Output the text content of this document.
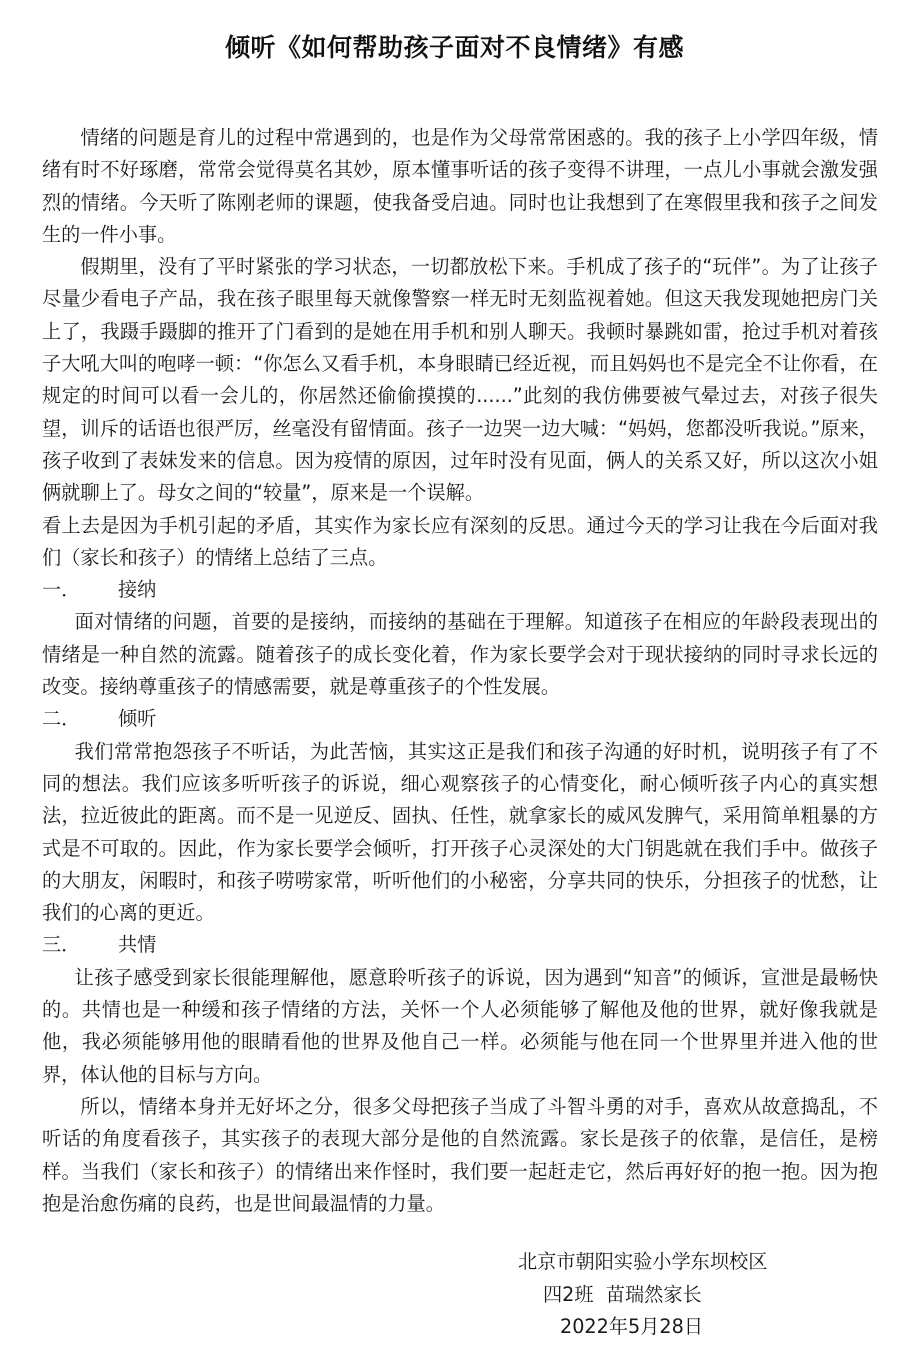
倾听《如何帮助孩子面对不良情绪》有感

情绪的问题是育儿的过程中常遇到的，也是作为父母常常困惑的。我的孩子上小学四年级，情绪有时不好琢磨，常常会觉得莫名其妙，原本懂事听话的孩子变得不讲理，一点儿小事就会激发强烈的情绪。今天听了陈刚老师的课题，使我备受启迪。同时也让我想到了在寒假里我和孩子之间发生的一件小事。

假期里，没有了平时紧张的学习状态，一切都放松下来。手机成了孩子的“玩伴”。为了让孩子尽量少看电子产品，我在孩子眼里每天就像警察一样无时无刻监视着她。但这天我发现她把房门关上了，我蹑手蹑脚的推开了门看到的是她在用手机和别人聊天。我顿时暴跳如雷，抢过手机对着孩子大吼大叫的咆哮一顿：“你怎么又看手机，本身眼睛已经近视，而且妈妈也不是完全不让你看，在规定的时间可以看一会儿的，你居然还偷偷摸摸的......”此刻的我仿佛要被气晕过去，对孩子很失望，训斥的话语也很严厉，丝毫没有留情面。孩子一边哭一边大喊：“妈妈，您都没听我说。”原来，孩子收到了表妹发来的信息。因为疫情的原因，过年时没有见面，俩人的关系又好，所以这次小姐俩就聊上了。母女之间的“较量”，原来是一个误解。

看上去是因为手机引起的矛盾，其实作为家长应有深刻的反思。通过今天的学习让我在今后面对我们（家长和孩子）的情绪上总结了三点。

一．	接纳

面对情绪的问题，首要的是接纳，而接纳的基础在于理解。知道孩子在相应的年龄段表现出的情绪是一种自然的流露。随着孩子的成长变化着，作为家长要学会对于现状接纳的同时寻求长远的改变。接纳尊重孩子的情感需要，就是尊重孩子的个性发展。

二．	倾听

我们常常抱怨孩子不听话，为此苦恼，其实这正是我们和孩子沟通的好时机，说明孩子有了不同的想法。我们应该多听听孩子的诉说，细心观察孩子的心情变化，耐心倾听孩子内心的真实想法，拉近彼此的距离。而不是一见逆反、固执、任性，就拿家长的威风发脾气，采用简单粗暴的方式是不可取的。因此，作为家长要学会倾听，打开孩子心灵深处的大门钥匙就在我们手中。做孩子的大朋友，闲暇时，和孩子唠唠家常，听听他们的小秘密，分享共同的快乐，分担孩子的忧愁，让我们的心离的更近。

三．	共情

让孩子感受到家长很能理解他，愿意聆听孩子的诉说，因为遇到“知音”的倾诉，宣泄是最畅快的。共情也是一种缓和孩子情绪的方法，关怀一个人必须能够了解他及他的世界，就好像我就是他，我必须能够用他的眼睛看他的世界及他自己一样。必须能与他在同一个世界里并进入他的世界，体认他的目标与方向。

所以，情绪本身并无好坏之分，很多父母把孩子当成了斗智斗勇的对手，喜欢从故意捣乱，不听话的角度看孩子，其实孩子的表现大部分是他的自然流露。家长是孩子的依靠，是信任，是榜样。当我们（家长和孩子）的情绪出来作怪时，我们要一起赶走它，然后再好好的抱一抱。因为抱抱是治愈伤痛的良药，也是世间最温情的力量。

北京市朝阳实验小学东坝校区
四2班  苗瑞然家长
2022年5月28日
